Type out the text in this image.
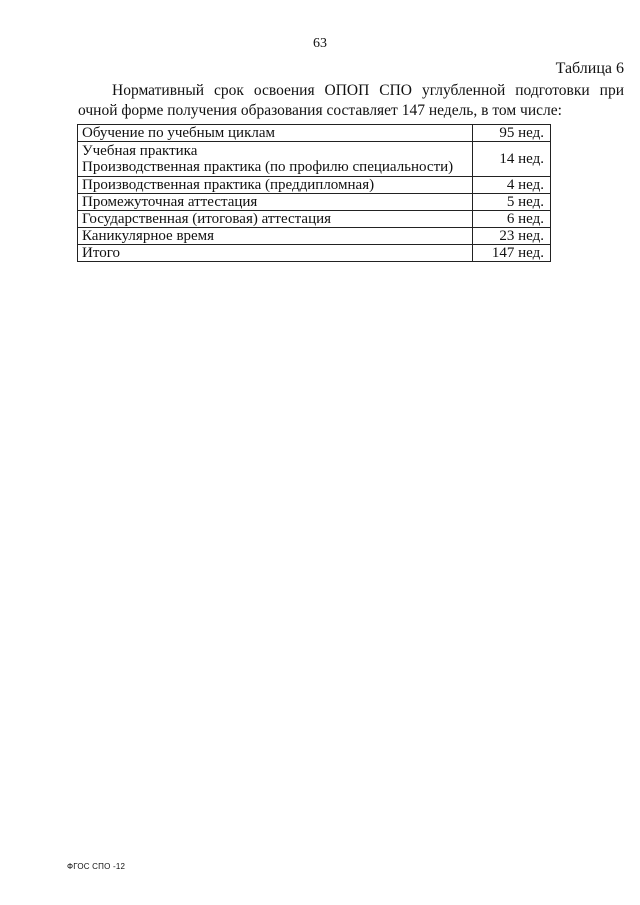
63
Таблица 6

Нормативный срок освоения ОПОП СПО углубленной подготовки при очной форме получения образования составляет 147 недель, в том числе:

Обучение по учебным циклам	95 нед.

Учебная практика
Производственная практика (по профилю специальности)	14 нед.
Производственная практика (преддипломная)	4 нед.
Промежуточная аттестация	5 нед.
Государственная (итоговая) аттестация	6 нед.
Каникулярное время	23 нед.
Итого	147 нед.
ФГОС СПО -12
